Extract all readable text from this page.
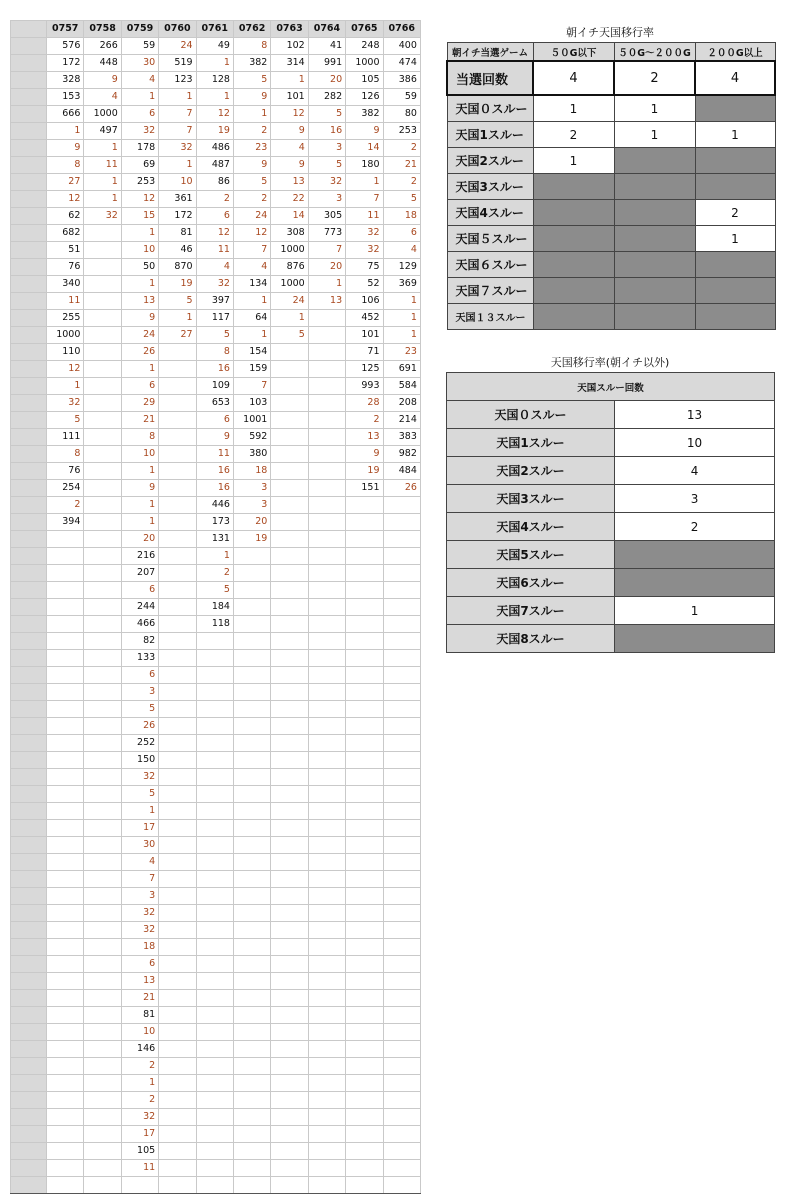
	0757	0758	0759	0760	0761	0762	0763	0764	0765	0766
	576	266	59	24	49	8	102	41	248	400
	172	448	30	519	1	382	314	991	1000	474
	328	9	4	123	128	5	1	20	105	386
	153	4	1	1	1	9	101	282	126	59
	666	1000	6	7	12	1	12	5	382	80
	1	497	32	7	19	2	9	16	9	253
	9	1	178	32	486	23	4	3	14	2
	8	11	69	1	487	9	9	5	180	21
	27	1	253	10	86	5	13	32	1	2
	12	1	12	361	2	2	22	3	7	5
	62	32	15	172	6	24	14	305	11	18
	682		1	81	12	12	308	773	32	6
	51		10	46	11	7	1000	7	32	4
	76		50	870	4	4	876	20	75	129
	340		1	19	32	134	1000	1	52	369
	11		13	5	397	1	24	13	106	1
	255		9	1	117	64	1		452	1
	1000		24	27	5	1	5		101	1
	110		26		8	154			71	23
	12		1		16	159			125	691
	1		6		109	7			993	584
	32		29		653	103			28	208
	5		21		6	1001			2	214
	111		8		9	592			13	383
	8		10		11	380			9	982
	76		1		16	18			19	484
	254		9		16	3			151	26
	2		1		446	3				
	394		1		173	20				
			20		131	19				
			216		1					
			207		2					
			6		5					
			244		184					
			466		118					
			82							
			133							
			6							
			3							
			5							
			26							
			252							
			150							
			32							
			5							
			1							
			17							
			30							
			4							
			7							
			3							
			32							
			32							
			18							
			6							
			13							
			21							
			81							
			10							
			146							
			2							
			1							
			2							
			32							
			17							
			105							
			11							

朝イチ天国移行率
朝イチ当選ゲーム	５０G以下	５０G～２００G	２００G以上
当選回数	4	2	4
天国０スルー	1	1	
天国1スルー	2	1	1
天国2スルー	1		
天国3スルー			
天国4スルー			2
天国５スルー			1
天国６スルー			
天国７スルー			
天国１３スルー			
天国移行率(朝イチ以外)
天国スルー回数	
天国０スルー	13
天国1スルー	10
天国2スルー	4
天国3スルー	3
天国4スルー	2
天国5スルー	
天国6スルー	
天国7スルー	1
天国8スルー	
